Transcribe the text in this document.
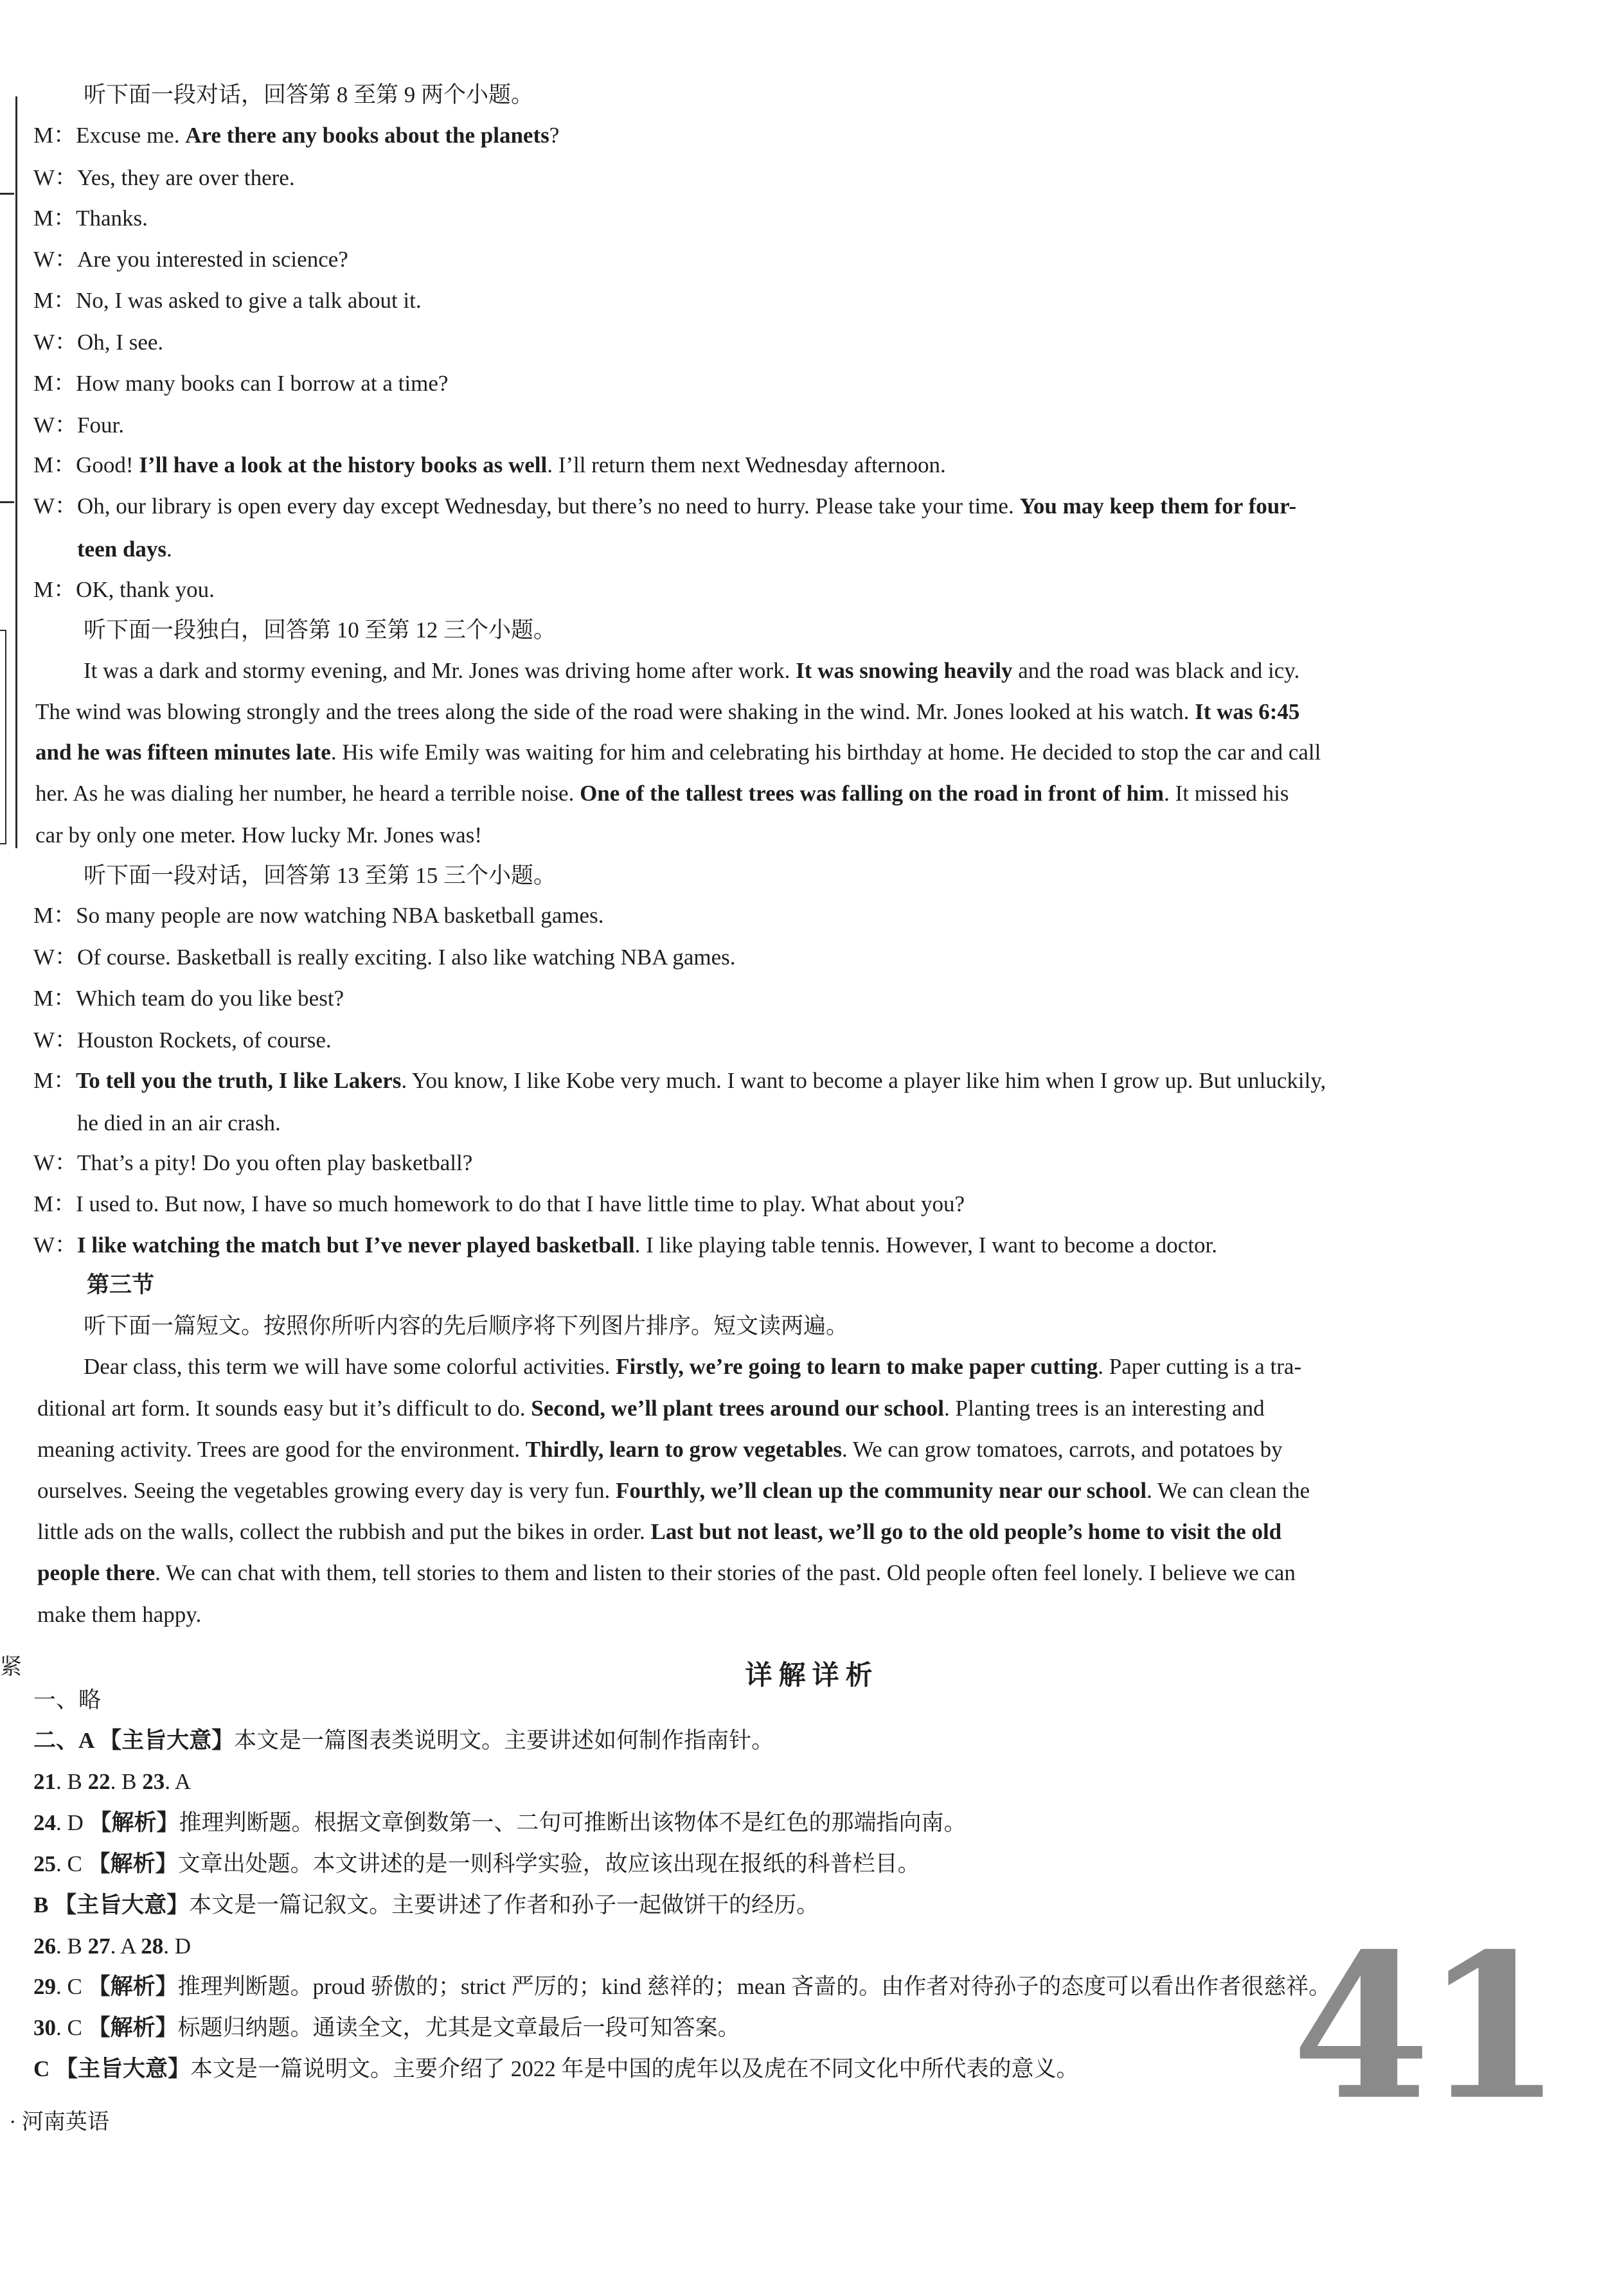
紧
听下面一段对话，回答第 8 至第 9 两个小题。
M：Excuse me. Are there any books about the planets?
W：Yes, they are over there.
M：Thanks.
W：Are you interested in science?
M：No, I was asked to give a talk about it.
W：Oh, I see.
M：How many books can I borrow at a time?
W：Four.
M：Good! I’ll have a look at the history books as well. I’ll return them next Wednesday afternoon.
W：Oh, our library is open every day except Wednesday, but there’s no need to hurry. Please take your time. You may keep them for four-
teen days.
M：OK, thank you.
听下面一段独白，回答第 10 至第 12 三个小题。
It was a dark and stormy evening, and Mr. Jones was driving home after work. It was snowing heavily and the road was black and icy.
The wind was blowing strongly and the trees along the side of the road were shaking in the wind. Mr. Jones looked at his watch. It was 6:45
and he was fifteen minutes late. His wife Emily was waiting for him and celebrating his birthday at home. He decided to stop the car and call
her. As he was dialing her number, he heard a terrible noise. One of the tallest trees was falling on the road in front of him. It missed his
car by only one meter. How lucky Mr. Jones was!
听下面一段对话，回答第 13 至第 15 三个小题。
M：So many people are now watching NBA basketball games.
W：Of course. Basketball is really exciting. I also like watching NBA games.
M：Which team do you like best?
W：Houston Rockets, of course.
M：To tell you the truth, I like Lakers. You know, I like Kobe very much. I want to become a player like him when I grow up. But unluckily,
he died in an air crash.
W：That’s a pity! Do you often play basketball?
M：I used to. But now, I have so much homework to do that I have little time to play. What about you?
W：I like watching the match but I’ve never played basketball. I like playing table tennis. However, I want to become a doctor.
第三节
听下面一篇短文。按照你所听内容的先后顺序将下列图片排序。短文读两遍。
Dear class, this term we will have some colorful activities. Firstly, we’re going to learn to make paper cutting. Paper cutting is a tra-
ditional art form. It sounds easy but it’s difficult to do. Second, we’ll plant trees around our school. Planting trees is an interesting and
meaning activity. Trees are good for the environment. Thirdly, learn to grow vegetables. We can grow tomatoes, carrots, and potatoes by
ourselves. Seeing the vegetables growing every day is very fun. Fourthly, we’ll clean up the community near our school. We can clean the
little ads on the walls, collect the rubbish and put the bikes in order. Last but not least, we’ll go to the old people’s home to visit the old
people there. We can chat with them, tell stories to them and listen to their stories of the past. Old people often feel lonely. I believe we can
make them happy.
一、略
二、A 【主旨大意】本文是一篇图表类说明文。主要讲述如何制作指南针。
21. B 22. B 23. A
24. D 【解析】推理判断题。根据文章倒数第一、二句可推断出该物体不是红色的那端指向南。
25. C 【解析】文章出处题。本文讲述的是一则科学实验，故应该出现在报纸的科普栏目。
B 【主旨大意】本文是一篇记叙文。主要讲述了作者和孙子一起做饼干的经历。
26. B 27. A 28. D
29. C 【解析】推理判断题。proud 骄傲的；strict 严厉的；kind 慈祥的；mean 吝啬的。由作者对待孙子的态度可以看出作者很慈祥。
30. C 【解析】标题归纳题。通读全文，尤其是文章最后一段可知答案。
C 【主旨大意】本文是一篇说明文。主要介绍了 2022 年是中国的虎年以及虎在不同文化中所代表的意义。
详解详析
41
· 河南英语
